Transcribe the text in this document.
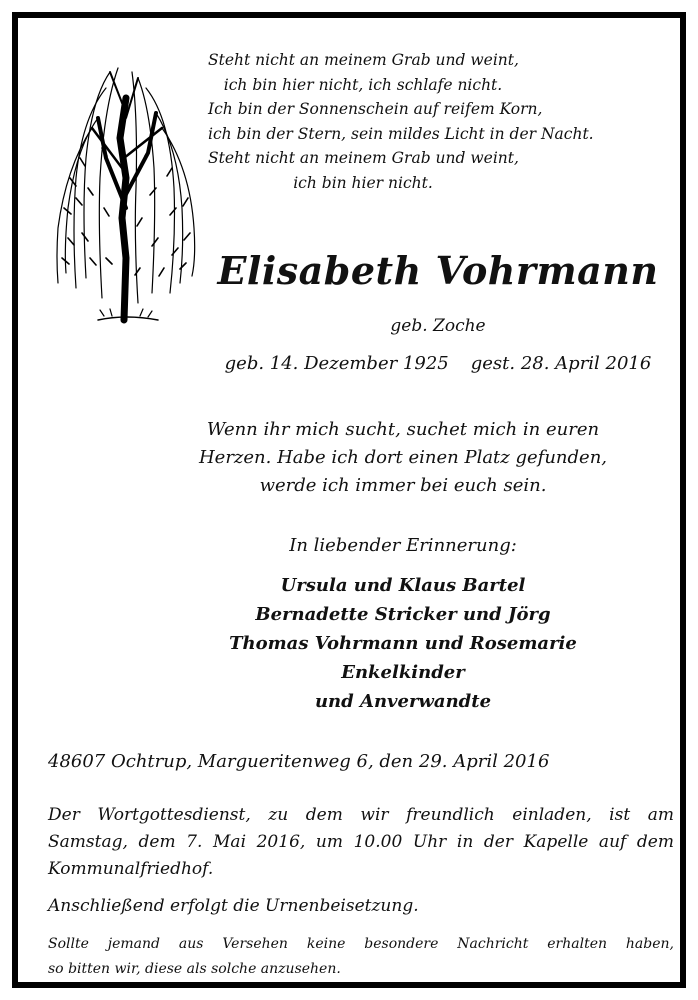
Steht nicht an meinem Grab und weint,
ich bin hier nicht, ich schlafe nicht.
Ich bin der Sonnenschein auf reifem Korn,
ich bin der Stern, sein mildes Licht in der Nacht.
Steht nicht an meinem Grab und weint,
ich bin hier nicht.
Elisabeth Vohrmann
geb. Zoche
geb. 14. Dezember 1925 gest. 28. April 2016
Wenn ihr mich sucht, suchet mich in euren
Herzen. Habe ich dort einen Platz gefunden,
werde ich immer bei euch sein.
In liebender Erinnerung:
Ursula und Klaus Bartel
Bernadette Stricker und Jörg
Thomas Vohrmann und Rosemarie
Enkelkinder
und Anverwandte
48607 Ochtrup, Margueritenweg 6, den 29. April 2016
Der Wortgottesdienst, zu dem wir freundlich einladen, ist am
Samstag, dem 7. Mai 2016, um 10.00 Uhr in der Kapelle auf dem
Kommunalfriedhof.
Anschließend erfolgt die Urnenbeisetzung.
Sollte jemand aus Versehen keine besondere Nachricht erhalten haben,
so bitten wir, diese als solche anzusehen.
